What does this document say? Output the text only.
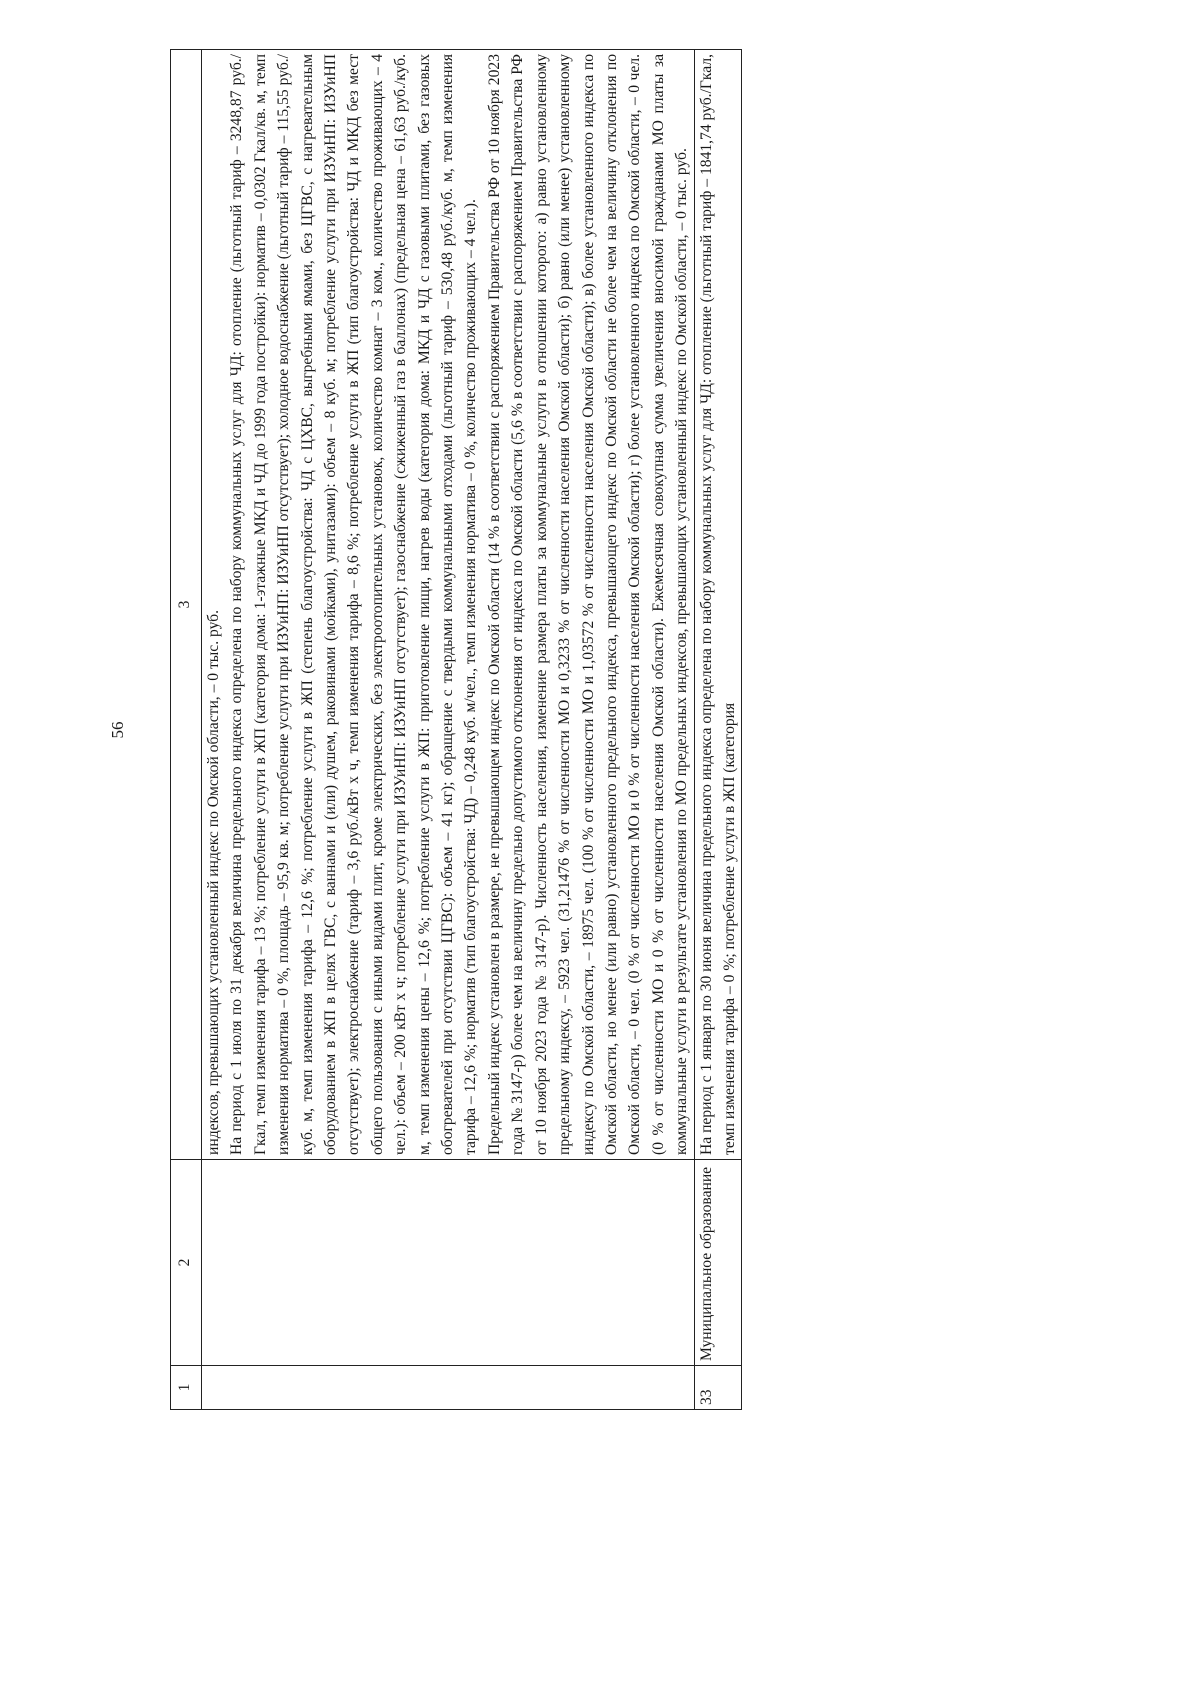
56
1	2	3

		индексов, превышающих установленный индекс по Омской области, – 0 тыс. руб. На период с 1 июля по 31 декабря величина предельного индекса определена по набору коммунальных услуг для ЧД: отопление (льготный тариф – 3248,87 руб./Гкал, темп изменения тарифа – 13 %; потребление услуги в ЖП (категория дома: 1-этажные МКД и ЧД до 1999 года постройки): норматив – 0,0302 Гкал/кв. м, темп изменения норматива – 0 %, площадь – 95,9 кв. м; потребление услуги при ИЗУиНП: ИЗУиНП отсутствует); холодное водоснабжение (льготный тариф – 115,55 руб./куб. м, темп изменения тарифа – 12,6 %; потребление услуги в ЖП (степень благоустройства: ЧД с ЦХВС, выгребными ямами, без ЦГВС, с нагревательным оборудованием в ЖП в целях ГВС, с ваннами и (или) душем, раковинами (мойками), унитазами): объем – 8 куб. м; потребление услуги при ИЗУиНП: ИЗУиНП отсутствует); электроснабжение (тариф – 3,6 руб./кВт x ч, темп изменения тарифа – 8,6 %; потребление услуги в ЖП (тип благоустройства: ЧД и МКД без мест общего пользования с иными видами плит, кроме электрических, без электроотопительных установок, количество комнат – 3 ком., количество проживающих – 4 чел.): объем – 200 кВт x ч; потребление услуги при ИЗУиНП: ИЗУиНП отсутствует); газоснабжение (сжиженный газ в баллонах) (предельная цена – 61,63 руб./куб. м, темп изменения цены – 12,6 %; потребление услуги в ЖП: приготовление пищи, нагрев воды (категория дома: МКД и ЧД с газовыми плитами, без газовых обогревателей при отсутствии ЦГВС): объем – 41 кг); обращение с твердыми коммунальными отходами (льготный тариф – 530,48 руб./куб. м, темп изменения тарифа – 12,6 %; норматив (тип благоустройства: ЧД) – 0,248 куб. м/чел., темп изменения норматива – 0 %, количество проживающих – 4 чел.). Предельный индекс установлен в размере, не превышающем индекс по Омской области (14 % в соответствии с распоряжением Правительства РФ от 10 ноября 2023 года № 3147-р) более чем на величину предельно допустимого отклонения от индекса по Омской области (5,6 % в соответствии с распоряжением Правительства РФ от 10 ноября 2023 года № 3147-р). Численность населения, изменение размера платы за коммунальные услуги в отношении которого: а) равно установленному предельному индексу, – 5923 чел. (31,21476 % от численности МО и 0,3233 % от численности населения Омской области); б) равно (или менее) установленному индексу по Омской области, – 18975 чел. (100 % от численности МО и 1,03572 % от численности населения Омской области); в) более установленного индекса по Омской области, но менее (или равно) установленного предельного индекса, превышающего индекс по Омской области не более чем на величину отклонения по Омской области, – 0 чел. (0 % от численности МО и 0 % от численности населения Омской области); г) более установленного индекса по Омской области, – 0 чел. (0 % от численности МО и 0 % от численности населения Омской области). Ежемесячная совокупная сумма увеличения вносимой гражданами МО платы за коммунальные услуги в результате установления по МО предельных индексов, превышающих установленный индекс по Омской области, – 0 тыс. руб.

33	Муниципальное образование	На период с 1 января по 30 июня величина предельного индекса определена по набору коммунальных услуг для ЧД: отопление (льготный тариф – 1841,74 руб./Гкал, темп изменения тарифа – 0 %; потребление услуги в ЖП (категория
